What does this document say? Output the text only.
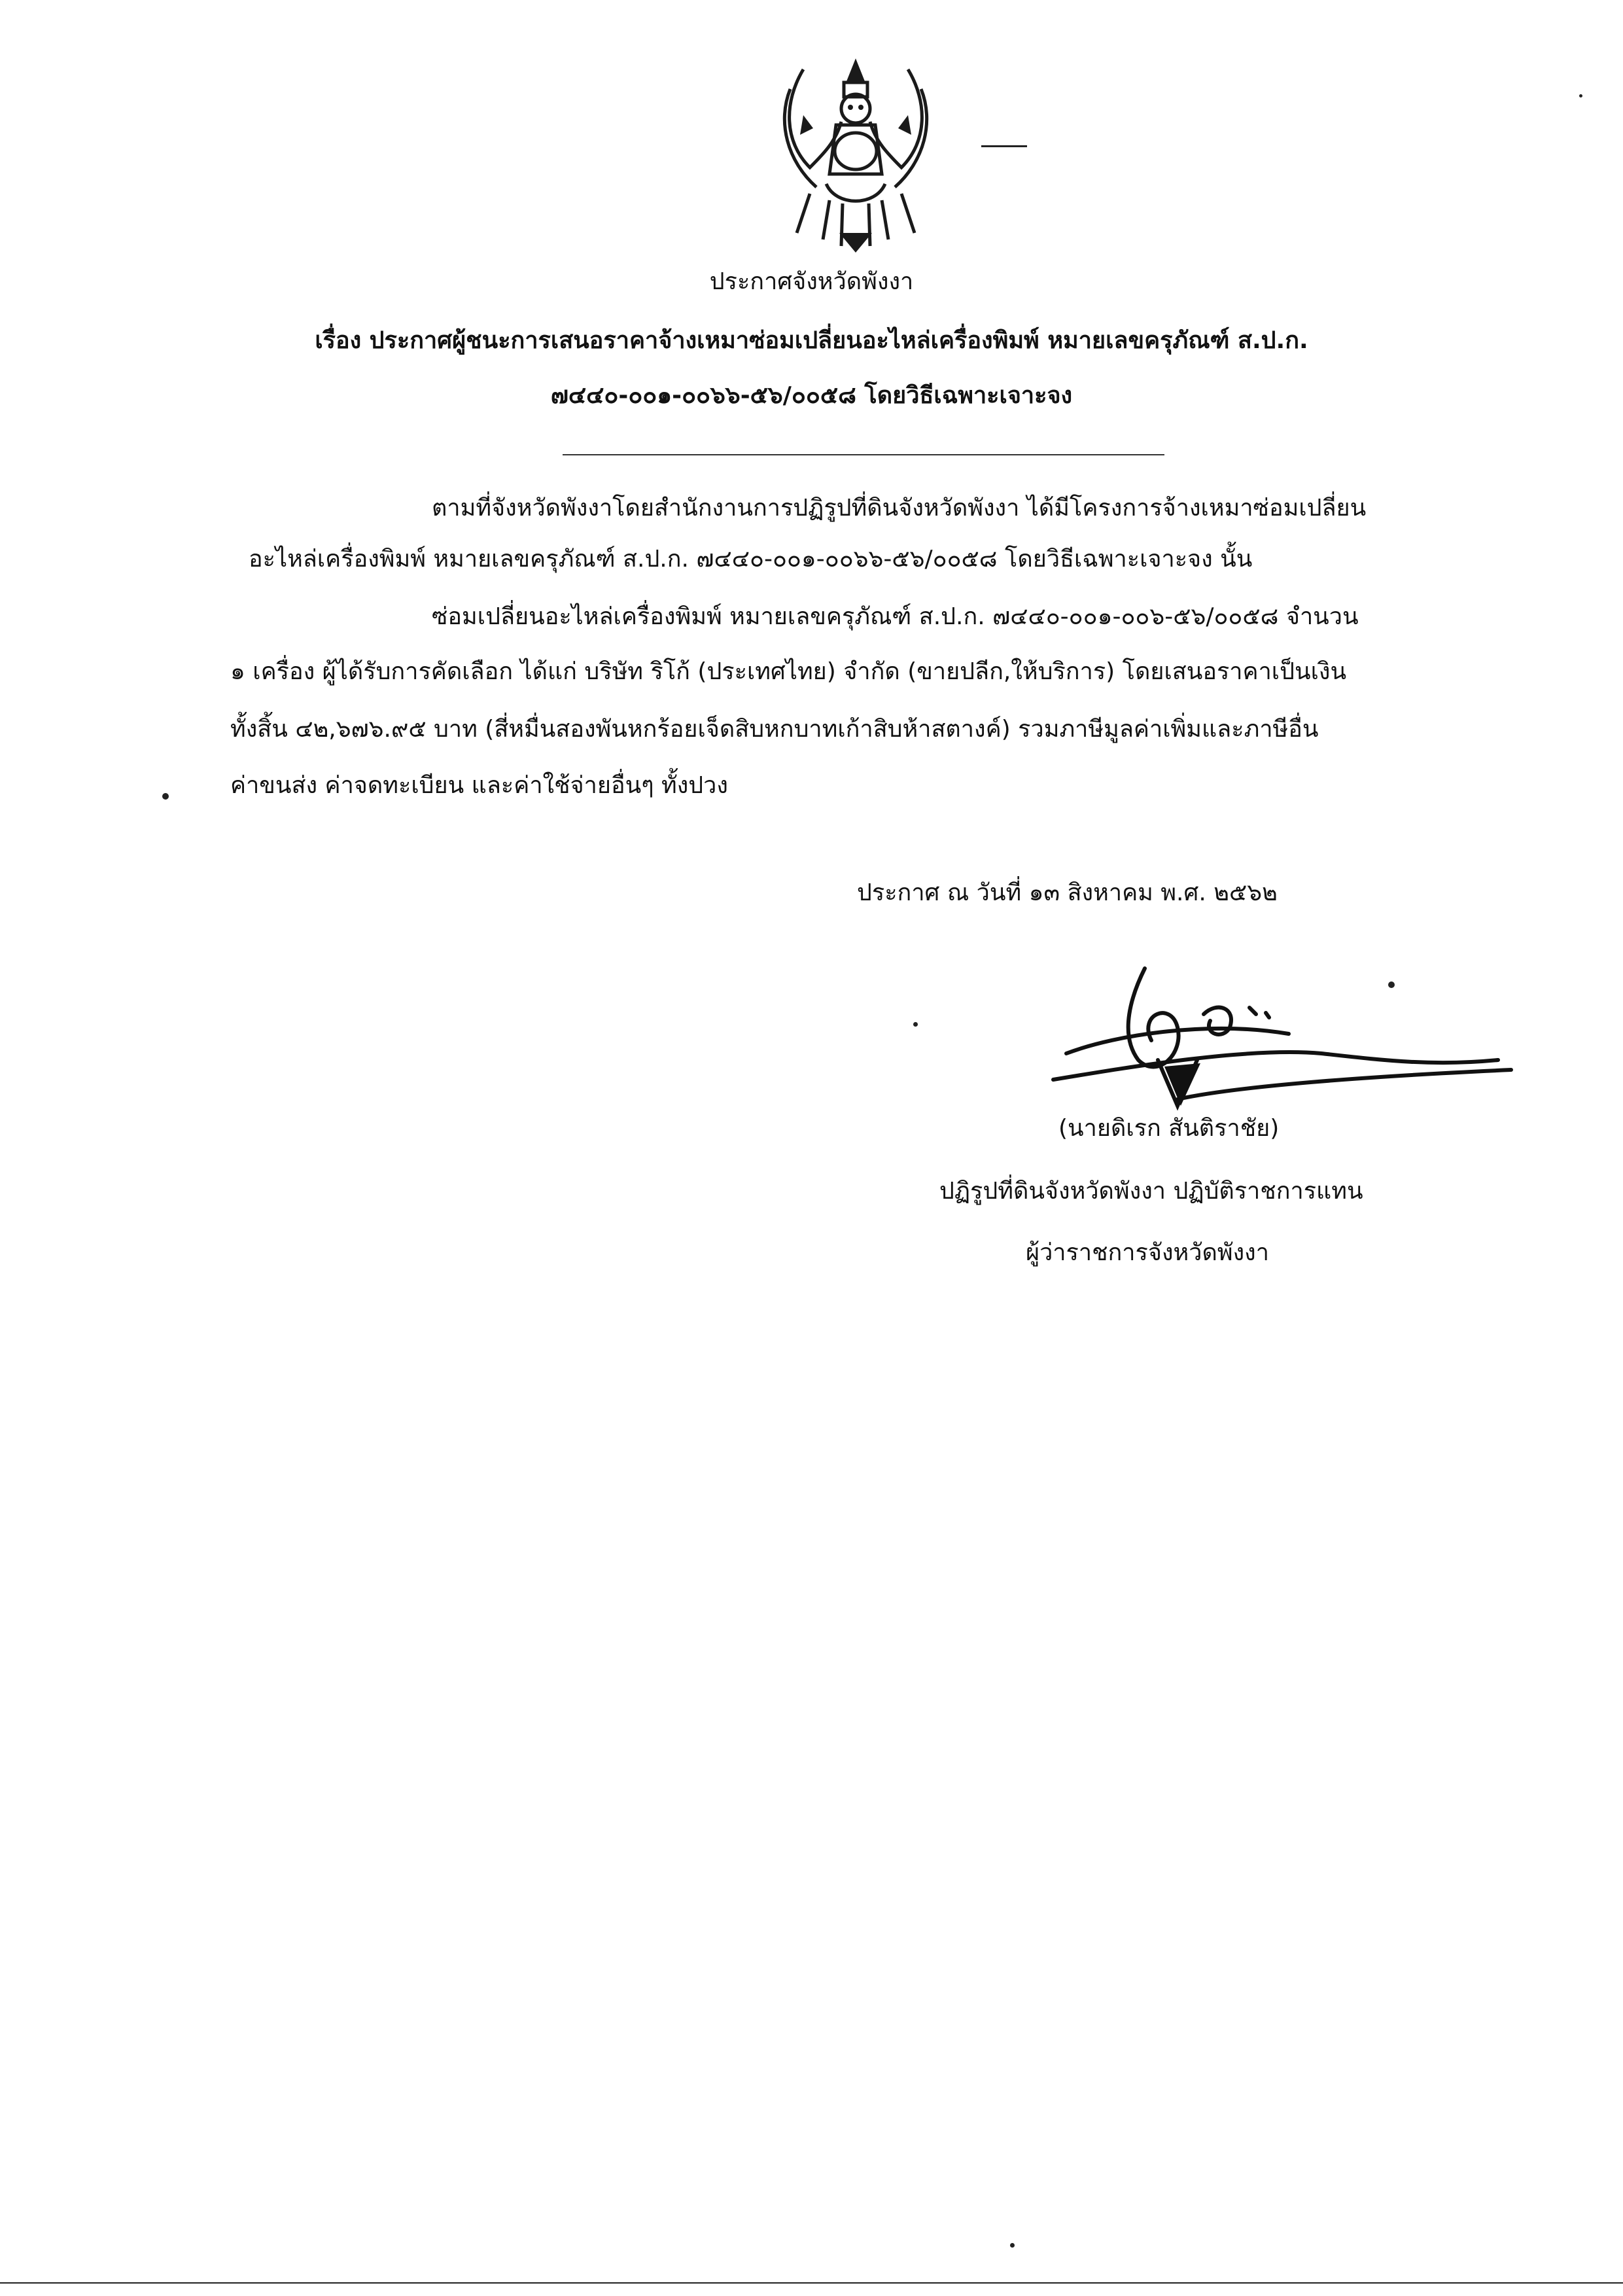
ประกาศจังหวัดพังงา
เรื่อง ประกาศผู้ชนะการเสนอราคาจ้างเหมาซ่อมเปลี่ยนอะไหล่เครื่องพิมพ์ หมายเลขครุภัณฑ์ ส.ป.ก.
๗๔๔๐-๐๐๑-๐๐๖๖-๕๖/๐๐๕๘ โดยวิธีเฉพาะเจาะจง
ตามที่จังหวัดพังงาโดยสำนักงานการปฏิรูปที่ดินจังหวัดพังงา ได้มีโครงการจ้างเหมาซ่อมเปลี่ยน
อะไหล่เครื่องพิมพ์ หมายเลขครุภัณฑ์ ส.ป.ก. ๗๔๔๐-๐๐๑-๐๐๖๖-๕๖/๐๐๕๘ โดยวิธีเฉพาะเจาะจง นั้น
ซ่อมเปลี่ยนอะไหล่เครื่องพิมพ์ หมายเลขครุภัณฑ์ ส.ป.ก. ๗๔๔๐-๐๐๑-๐๐๖-๕๖/๐๐๕๘ จำนวน
๑ เครื่อง ผู้ได้รับการคัดเลือก ได้แก่ บริษัท ริโก้ (ประเทศไทย) จำกัด (ขายปลีก,ให้บริการ) โดยเสนอราคาเป็นเงิน
ทั้งสิ้น ๔๒,๖๗๖.๙๕ บาท (สี่หมื่นสองพันหกร้อยเจ็ดสิบหกบาทเก้าสิบห้าสตางค์) รวมภาษีมูลค่าเพิ่มและภาษีอื่น
ค่าขนส่ง ค่าจดทะเบียน และค่าใช้จ่ายอื่นๆ ทั้งปวง
ประกาศ ณ วันที่ ๑๓ สิงหาคม พ.ศ. ๒๕๖๒
(นายดิเรก สันติราชัย)
ปฏิรูปที่ดินจังหวัดพังงา ปฏิบัติราชการแทน
ผู้ว่าราชการจังหวัดพังงา
